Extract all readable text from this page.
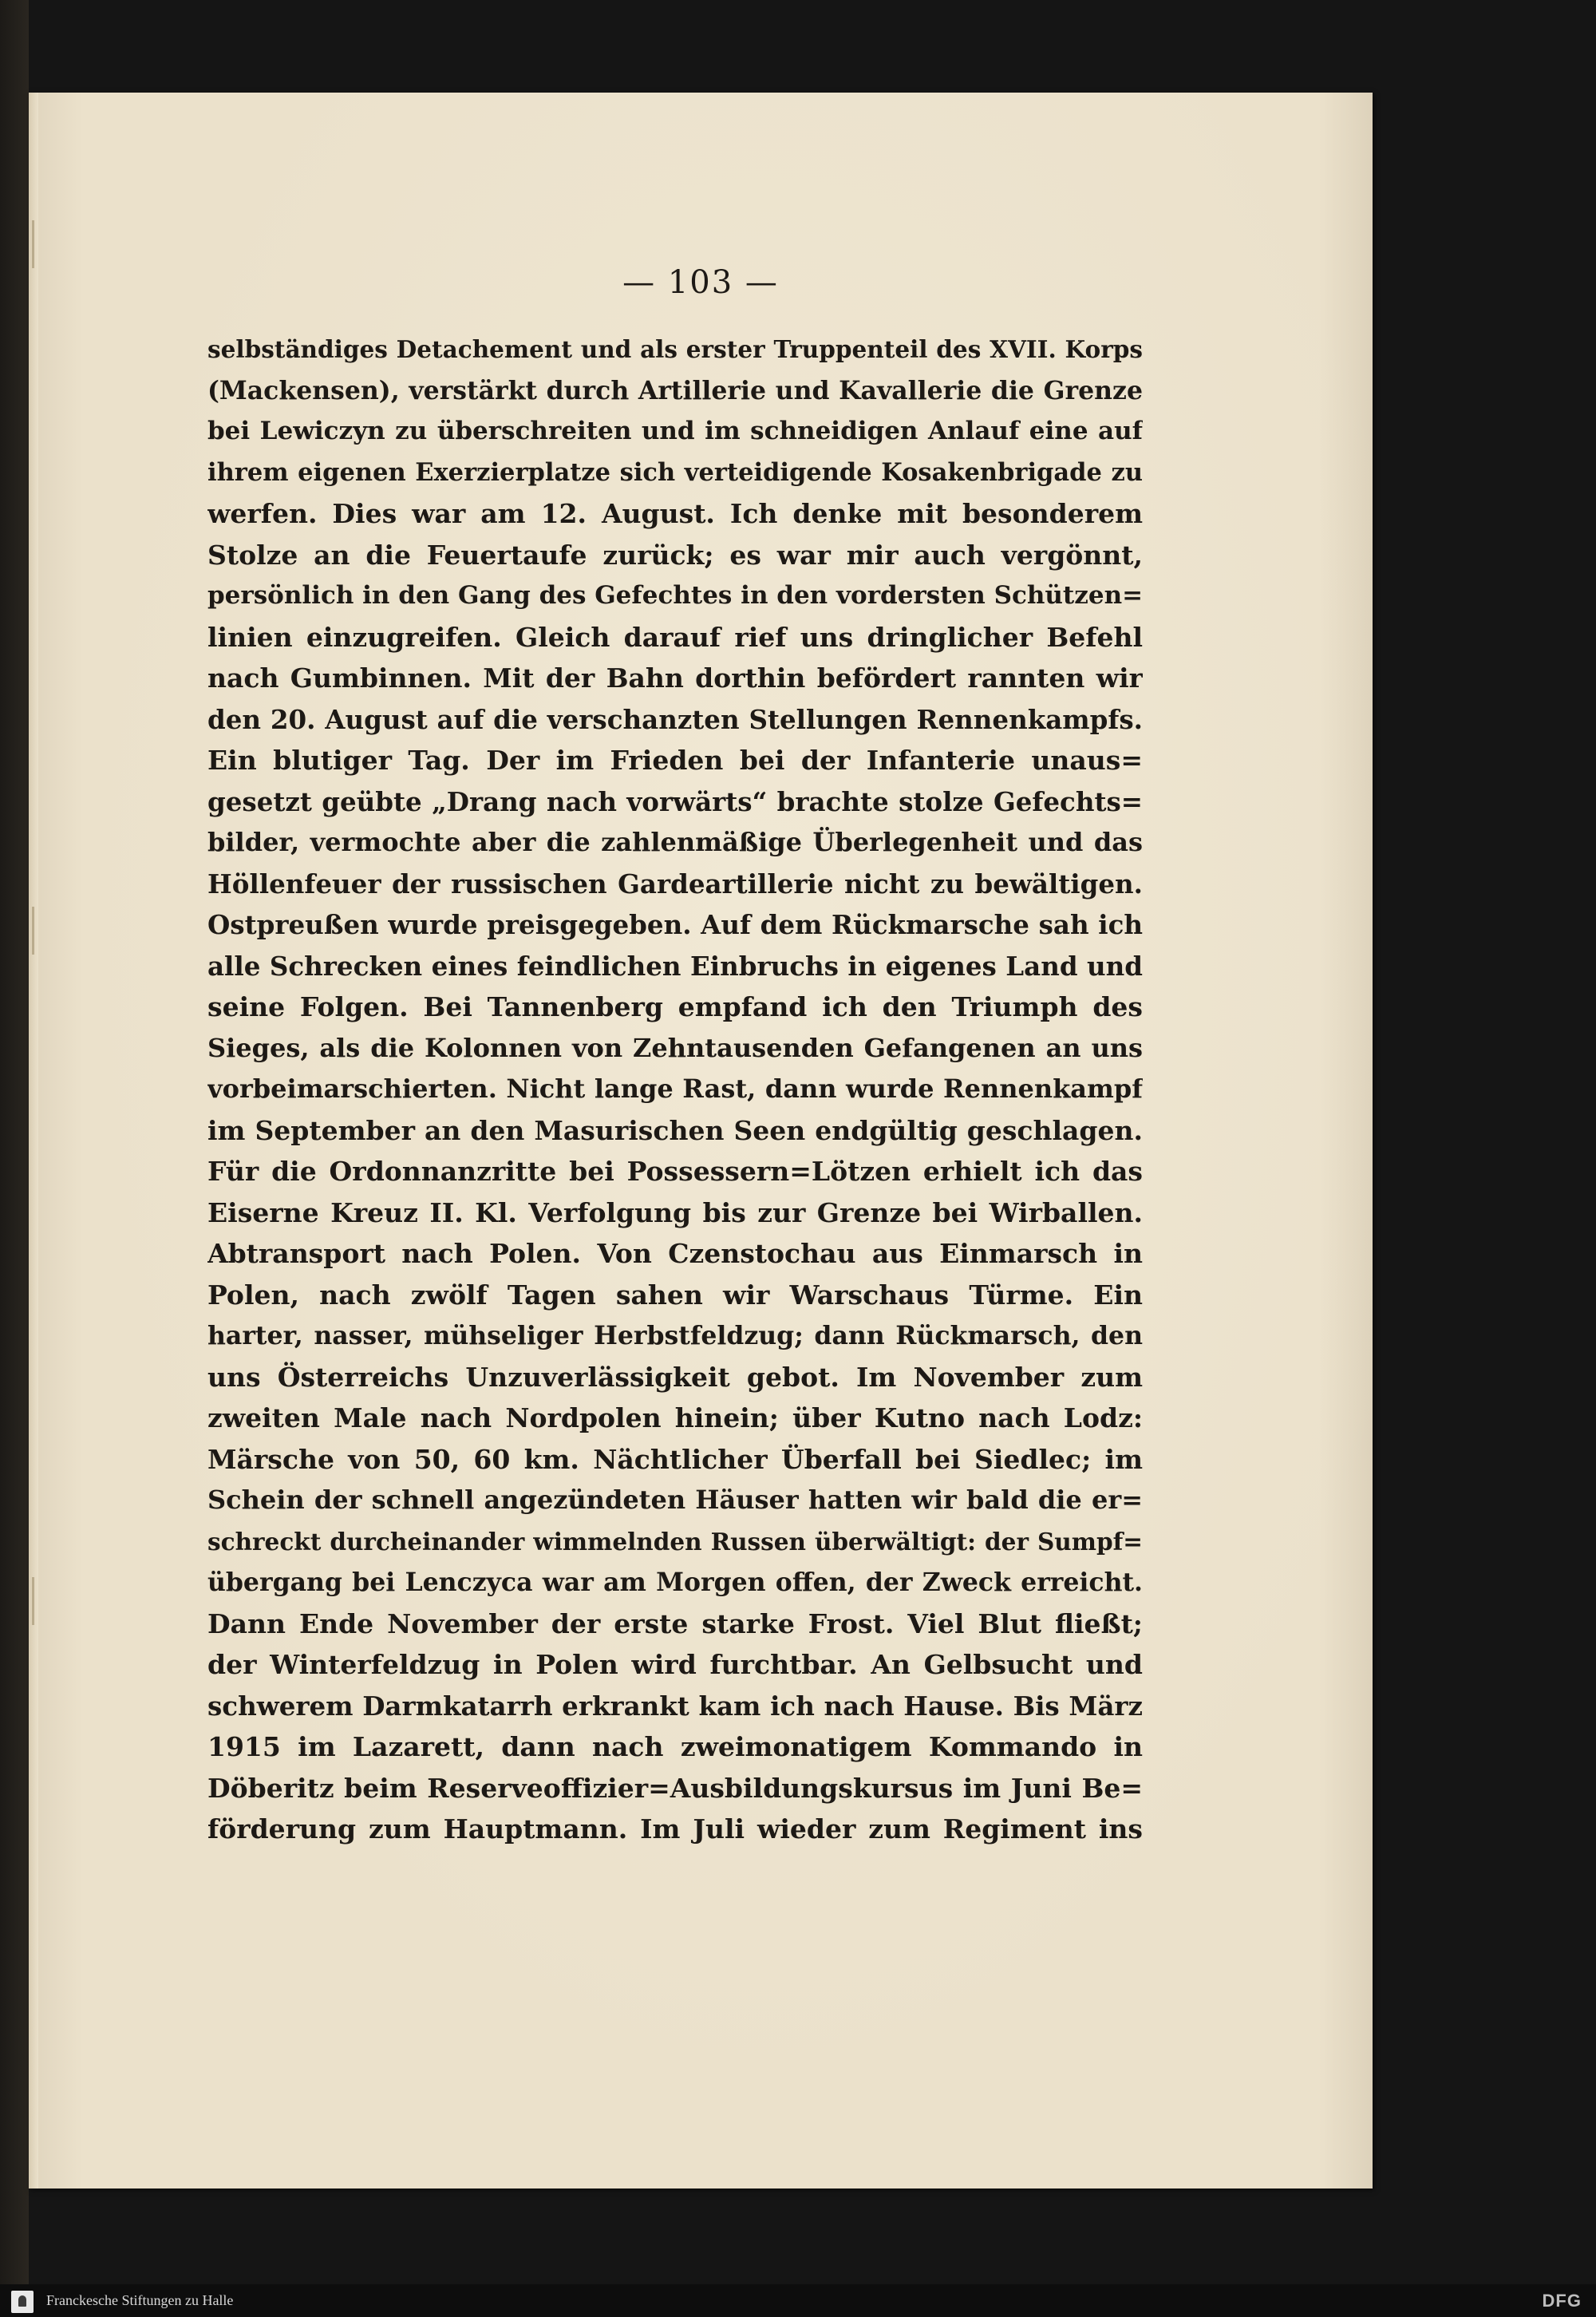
— 103 —
selbständiges Detachement und als erster Truppenteil des XVII. Korps
(Mackensen), verstärkt durch Artillerie und Kavallerie die Grenze
bei Lewiczyn zu überschreiten und im schneidigen Anlauf eine auf
ihrem eigenen Exerzierplatze sich verteidigende Kosakenbrigade zu
werfen. Dies war am 12. August. Ich denke mit besonderem
Stolze an die Feuertaufe zurück; es war mir auch vergönnt,
persönlich in den Gang des Gefechtes in den vordersten Schützen=
linien einzugreifen. Gleich darauf rief uns dringlicher Befehl
nach Gumbinnen. Mit der Bahn dorthin befördert rannten wir
den 20. August auf die verschanzten Stellungen Rennenkampfs.
Ein blutiger Tag. Der im Frieden bei der Infanterie unaus=
gesetzt geübte „Drang nach vorwärts“ brachte stolze Gefechts=
bilder, vermochte aber die zahlenmäßige Überlegenheit und das
Höllenfeuer der russischen Gardeartillerie nicht zu bewältigen.
Ostpreußen wurde preisgegeben. Auf dem Rückmarsche sah ich
alle Schrecken eines feindlichen Einbruchs in eigenes Land und
seine Folgen. Bei Tannenberg empfand ich den Triumph des
Sieges, als die Kolonnen von Zehntausenden Gefangenen an uns
vorbeimarschierten. Nicht lange Rast, dann wurde Rennenkampf
im September an den Masurischen Seen endgültig geschlagen.
Für die Ordonnanzritte bei Possessern=Lötzen erhielt ich das
Eiserne Kreuz II. Kl. Verfolgung bis zur Grenze bei Wirballen.
Abtransport nach Polen. Von Czenstochau aus Einmarsch in
Polen, nach zwölf Tagen sahen wir Warschaus Türme. Ein
harter, nasser, mühseliger Herbstfeldzug; dann Rückmarsch, den
uns Österreichs Unzuverlässigkeit gebot. Im November zum
zweiten Male nach Nordpolen hinein; über Kutno nach Lodz:
Märsche von 50, 60 km. Nächtlicher Überfall bei Siedlec; im
Schein der schnell angezündeten Häuser hatten wir bald die er=
schreckt durcheinander wimmelnden Russen überwältigt: der Sumpf=
übergang bei Lenczyca war am Morgen offen, der Zweck erreicht.
Dann Ende November der erste starke Frost. Viel Blut fließt;
der Winterfeldzug in Polen wird furchtbar. An Gelbsucht und
schwerem Darmkatarrh erkrankt kam ich nach Hause. Bis März
1915 im Lazarett, dann nach zweimonatigem Kommando in
Döberitz beim Reserveoffizier=Ausbildungskursus im Juni Be=
förderung zum Hauptmann. Im Juli wieder zum Regiment ins
Franckesche Stiftungen zu Halle	DFG
